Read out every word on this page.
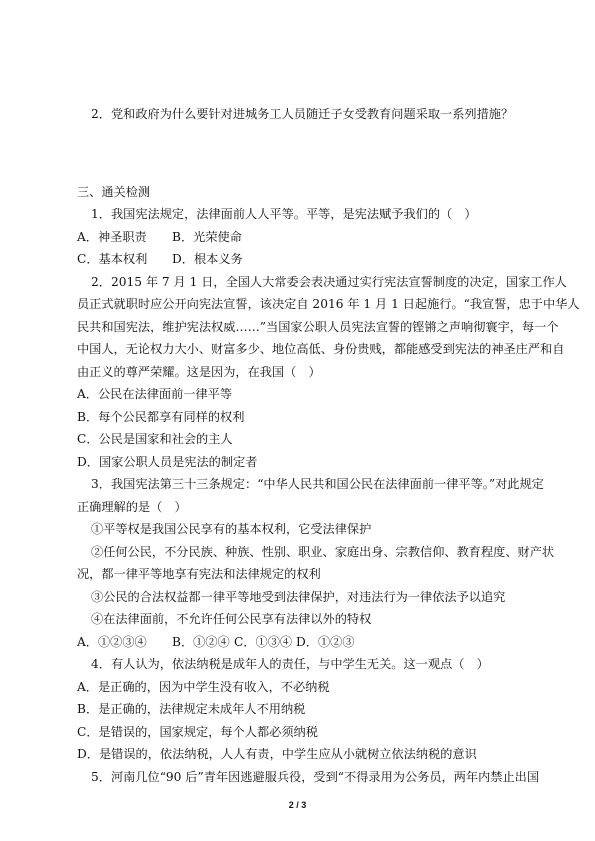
2．党和政府为什么要针对进城务工人员随迁子女受教育问题采取一系列措施？
三、通关检测
1．我国宪法规定，法律面前人人平等。平等，是宪法赋予我们的（　）
A．神圣职责 B．光荣使命
C．基本权利 D．根本义务
2．2015 年 7 月 1 日，全国人大常委会表决通过实行宪法宣誓制度的决定，国家工作人
员正式就职时应公开向宪法宣誓，该决定自 2016 年 1 月 1 日起施行。“我宣誓，忠于中华人
民共和国宪法，维护宪法权威……”当国家公职人员宪法宣誓的铿锵之声响彻寰宇，每一个
中国人，无论权力大小、财富多少、地位高低、身份贵贱，都能感受到宪法的神圣庄严和自
由正义的尊严荣耀。这是因为，在我国（　）
A．公民在法律面前一律平等
B．每个公民都享有同样的权利
C．公民是国家和社会的主人
D．国家公职人员是宪法的制定者
3．我国宪法第三十三条规定：“中华人民共和国公民在法律面前一律平等。”对此规定
正确理解的是（　）
①平等权是我国公民享有的基本权利，它受法律保护
②任何公民，不分民族、种族、性别、职业、家庭出身、宗教信仰、教育程度、财产状
况，都一律平等地享有宪法和法律规定的权利
③公民的合法权益都一律平等地受到法律保护，对违法行为一律依法予以追究
④在法律面前，不允许任何公民享有法律以外的特权
A．①②③④ B．①②④ C．①③④ D．①②③
4．有人认为，依法纳税是成年人的责任，与中学生无关。这一观点（　）
A．是正确的，因为中学生没有收入，不必纳税
B．是正确的，法律规定未成年人不用纳税
C．是错误的，国家规定，每个人都必须纳税
D．是错误的，依法纳税，人人有责，中学生应从小就树立依法纳税的意识
5．河南几位“90 后”青年因逃避服兵役，受到“不得录用为公务员，两年内禁止出国
2 / 3
